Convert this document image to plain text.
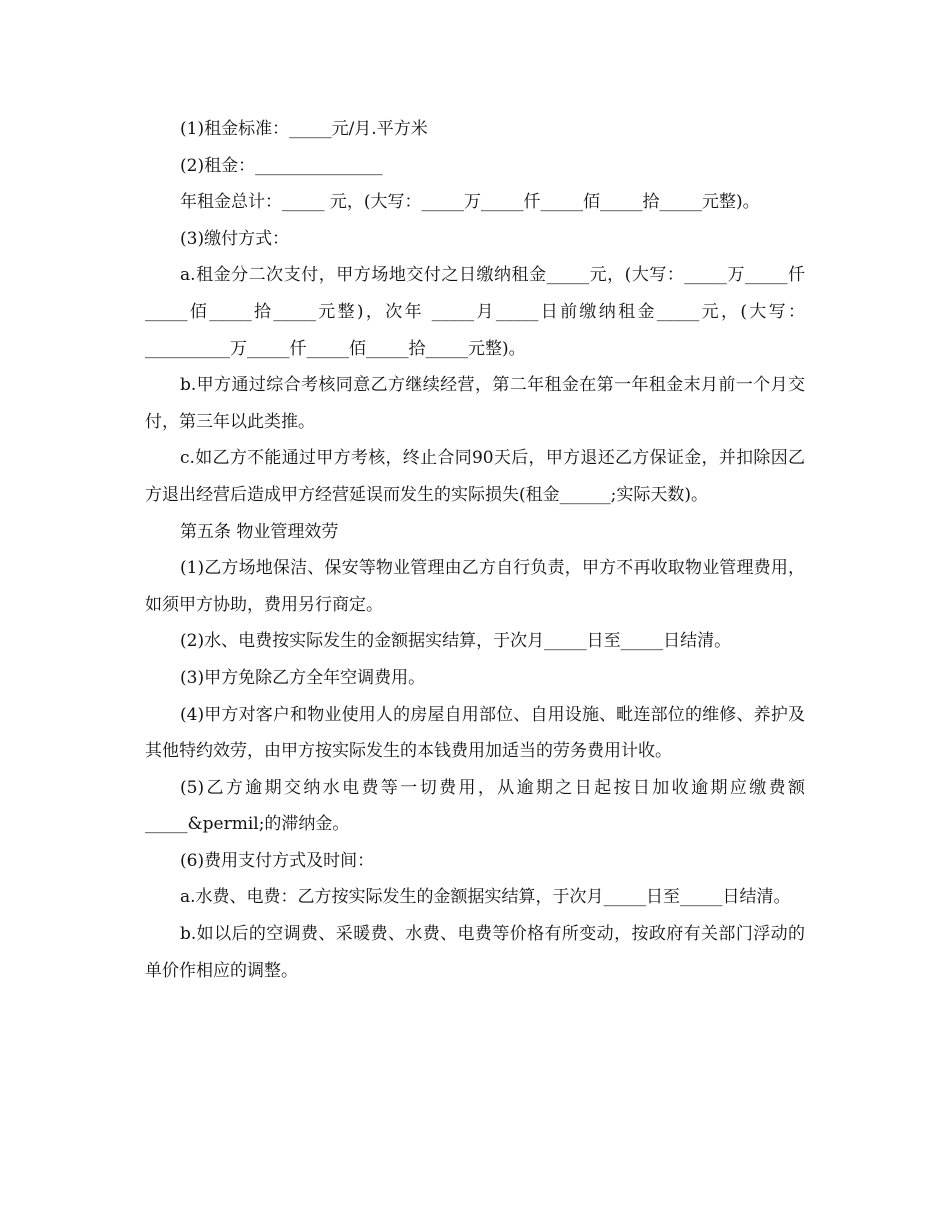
(1)租金标准：_____元/月.平方米

(2)租金：_______________

年租金总计：_____ 元，(大写：_____万_____仟_____佰_____拾_____元整)。

(3)缴付方式：

a.租金分二次支付，甲方场地交付之日缴纳租金_____元，(大写：_____万_____仟_____佰_____拾_____元整)，次年 _____月_____日前缴纳租金_____元，(大写：__________万_____仟_____佰_____拾_____元整)。

b.甲方通过综合考核同意乙方继续经营，第二年租金在第一年租金末月前一个月交付，第三年以此类推。

c.如乙方不能通过甲方考核，终止合同90天后，甲方退还乙方保证金，并扣除因乙方退出经营后造成甲方经营延误而发生的实际损失(租金______;实际天数)。

第五条 物业管理效劳

(1)乙方场地保洁、保安等物业管理由乙方自行负责，甲方不再收取物业管理费用，如须甲方协助，费用另行商定。

(2)水、电费按实际发生的金额据实结算，于次月_____日至_____日结清。

(3)甲方免除乙方全年空调费用。

(4)甲方对客户和物业使用人的房屋自用部位、自用设施、毗连部位的维修、养护及其他特约效劳，由甲方按实际发生的本钱费用加适当的劳务费用计收。

(5)乙方逾期交纳水电费等一切费用，从逾期之日起按日加收逾期应缴费额_____&permil;的滞纳金。

(6)费用支付方式及时间：

a.水费、电费：乙方按实际发生的金额据实结算，于次月_____日至_____日结清。

b.如以后的空调费、采暖费、水费、电费等价格有所变动，按政府有关部门浮动的单价作相应的调整。
